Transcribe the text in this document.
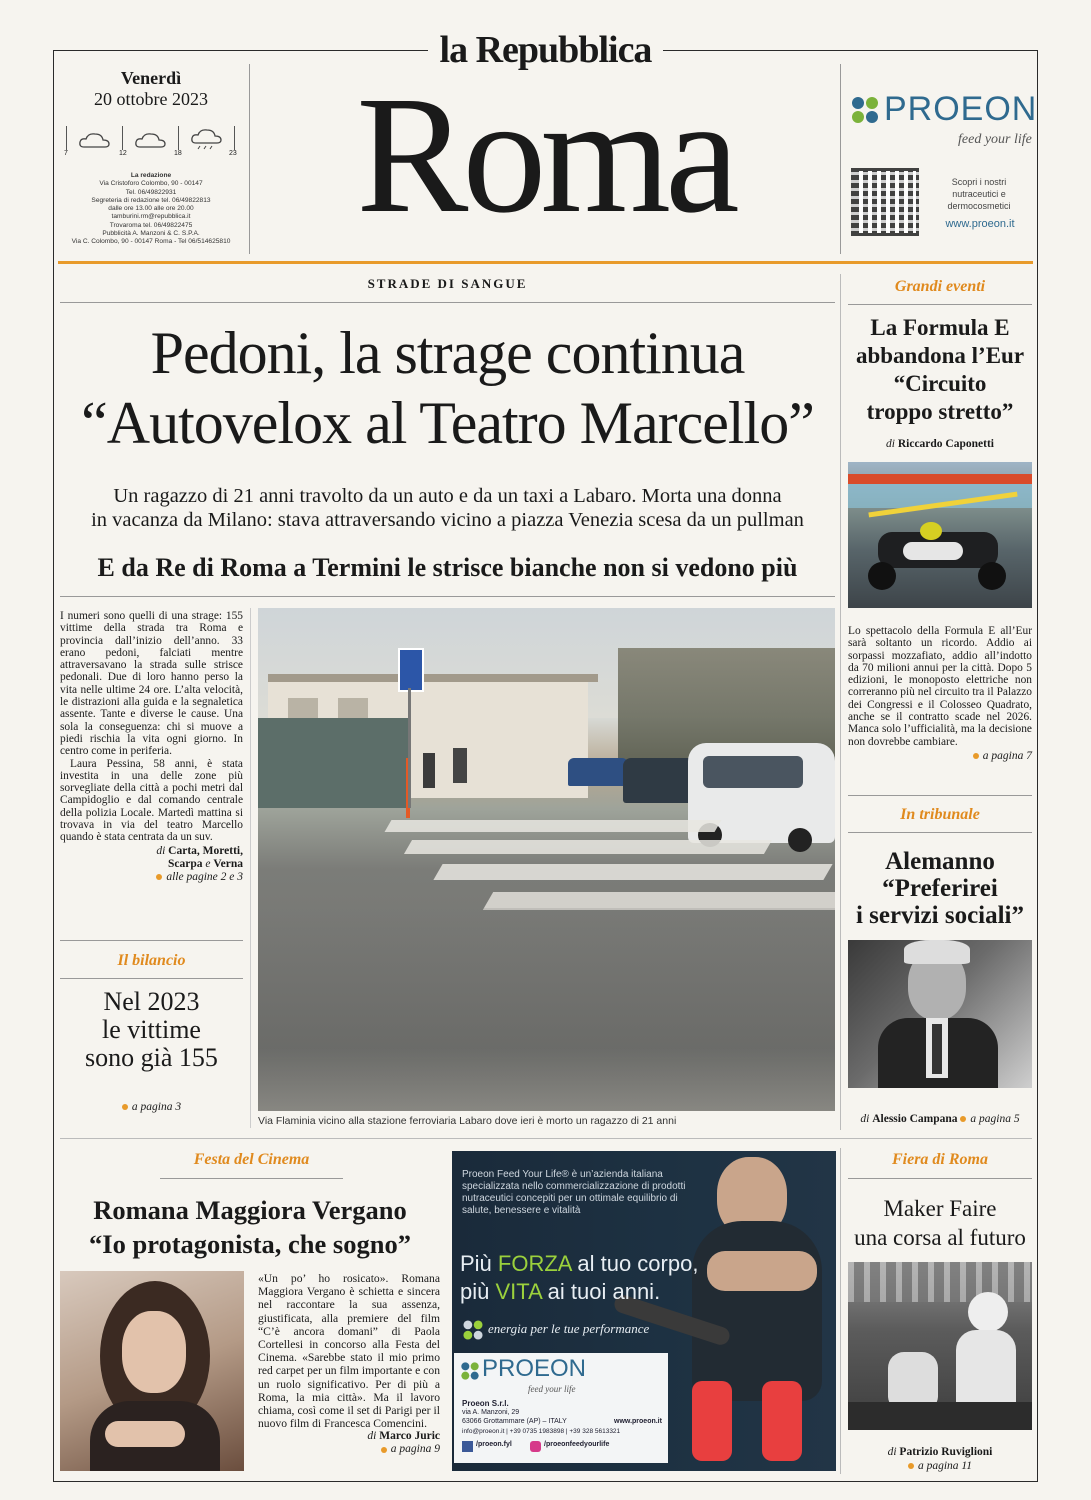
la Repubblica
Venerdì
20 ottobre 2023
7	12	18	23
La redazione
Via Cristoforo Colombo, 90 - 00147
Tel. 06/49822931
Segreteria di redazione tel. 06/49822813
dalle ore 13.00 alle ore 20.00
tamburini.rm@repubblica.it
Trovaroma tel. 06/49822475
Pubblicità A. Manzoni & C. S.P.A.
Via C. Colombo, 90 - 00147 Roma - Tel 06/514625810 Roma	PROEON
feed your life
Scopri i nostri nutraceutici e dermocosmetici
www.proeon.it
STRADE DI SANGUE
Pedoni, la strage continua
“Autovelox al Teatro Marcello”
Un ragazzo di 21 anni travolto da un auto e da un taxi a Labaro. Morta una donna
in vacanza da Milano: stava attraversando vicino a piazza Venezia scesa da un pullman
E da Re di Roma a Termini le strisce bianche non si vedono più

I numeri sono quelli di una strage: 155 vittime della strada tra Roma e provincia dall’inizio dell’anno. 33 erano pedoni, falciati mentre attraversavano la strada sulle strisce pedonali. Due di loro hanno perso la vita nelle ultime 24 ore. L’alta velocità, le distrazioni alla guida e la segnaletica assente. Tante e diverse le cause. Una sola la conseguenza: chi si muove a piedi rischia la vita ogni giorno. In centro come in periferia.

Laura Pessina, 58 anni, è stata investita in una delle zone più sorvegliate della città a pochi metri dal Campidoglio e dal comando centrale della polizia Locale. Martedì mattina si trovava in via del teatro Marcello quando è stata centrata da un suv.

di Carta, Moretti,
Scarpa e Verna
alle pagine 2 e 3
Il bilancio
Nel 2023
le vittime
sono già 155
a pagina 3
Via Flaminia vicino alla stazione ferroviaria Labaro dove ieri è morto un ragazzo di 21 anni
Grandi eventi
La Formula E
abbandona l’Eur
“Circuito
troppo stretto”
di Riccardo Caponetti

Lo spettacolo della Formula E all’Eur sarà soltanto un ricordo. Addio ai sorpassi mozzafiato, addio all’indotto da 70 milioni annui per la città. Dopo 5 edizioni, le monoposto elettriche non correranno più nel circuito tra il Palazzo dei Congressi e il Colosseo Quadrato, anche se il contratto scade nel 2026. Manca solo l’ufficialità, ma la decisione non dovrebbe cambiare.

a pagina 7
In tribunale
Alemanno
“Preferirei
i servizi sociali”
di Alessio Campana a pagina 5
Festa del Cinema
Romana Maggiora Vergano
“Io protagonista, che sogno”

«Un po’ ho rosicato». Romana Maggiora Vergano è schietta e sincera nel raccontare la sua assenza, giustificata, alla premiere del film “C’è ancora domani” di Paola Cortellesi in concorso alla Festa del Cinema. «Sarebbe stato il mio primo red carpet per un film importante e con un ruolo significativo. Per di più a Roma, la mia città». Ma il lavoro chiama, così come il set di Parigi per il nuovo film di Francesca Comencini.

di Marco Juric
a pagina 9
Proeon Feed Your Life® è un’azienda italiana specializzata nello commercializzazione di prodotti nutraceutici concepiti per un ottimale equilibrio di salute, benessere e vitalità
Più FORZA al tuo corpo,
più VITA ai tuoi anni.
energia per le tue performance
PROEON
feed your life
Proeon S.r.l.
via A. Manzoni, 29
63066 Grottammare (AP) – ITALY	www.proeon.it
info@proeon.it | +39 0735 1983898 | +39 328 5613321
/proeon.fyl	/proeonfeedyourlife
Fiera di Roma
Maker Faire
una corsa al futuro
di Patrizio Ruviglioni
a pagina 11
